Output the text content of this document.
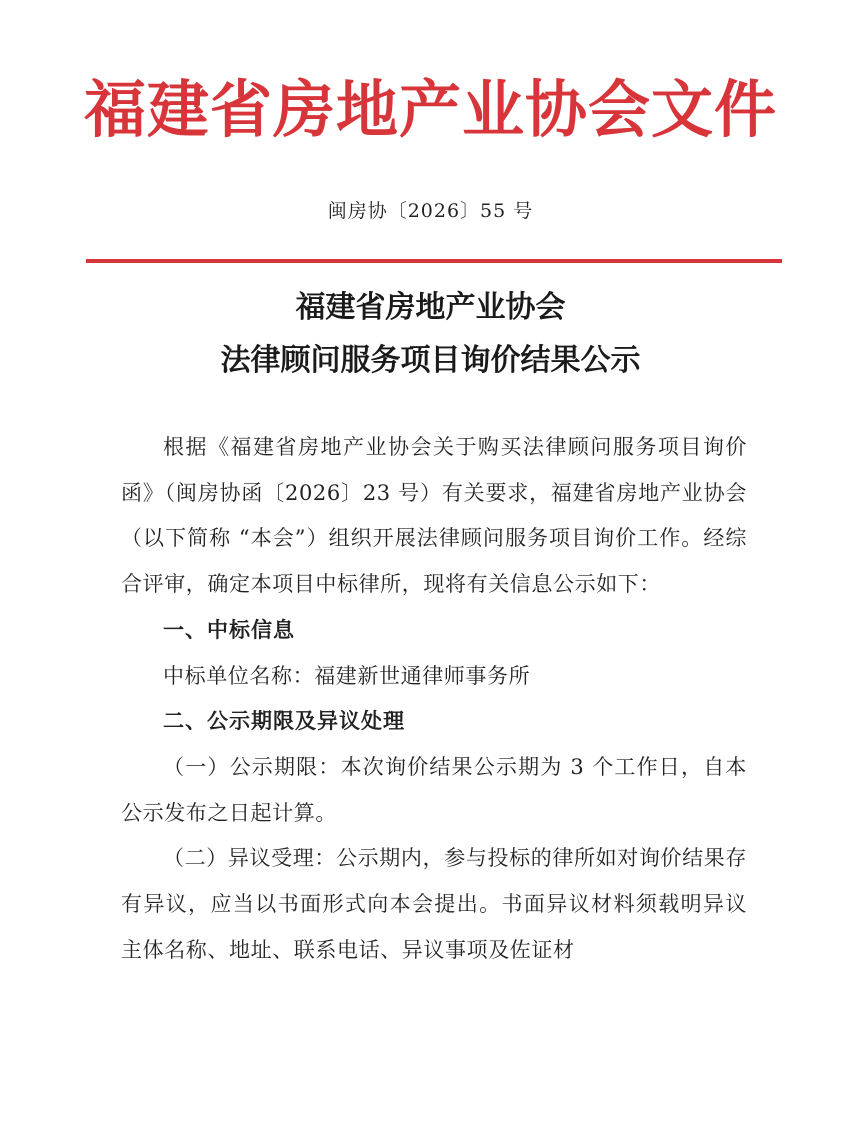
福建省房地产业协会文件
闽房协〔2026〕55 号
福建省房地产业协会
法律顾问服务项目询价结果公示

根据《福建省房地产业协会关于购买法律顾问服务项目询价函》（闽房协函〔2026〕23 号）有关要求，福建省房地产业协会（以下简称 “本会”）组织开展法律顾问服务项目询价工作。经综合评审，确定本项目中标律所，现将有关信息公示如下：

一、中标信息

中标单位名称：福建新世通律师事务所

二、公示期限及异议处理

（一）公示期限：本次询价结果公示期为 3 个工作日，自本公示发布之日起计算。

（二）异议受理：公示期内，参与投标的律所如对询价结果存有异议，应当以书面形式向本会提出。书面异议材料须载明异议主体名称、地址、联系电话、异议事项及佐证材
